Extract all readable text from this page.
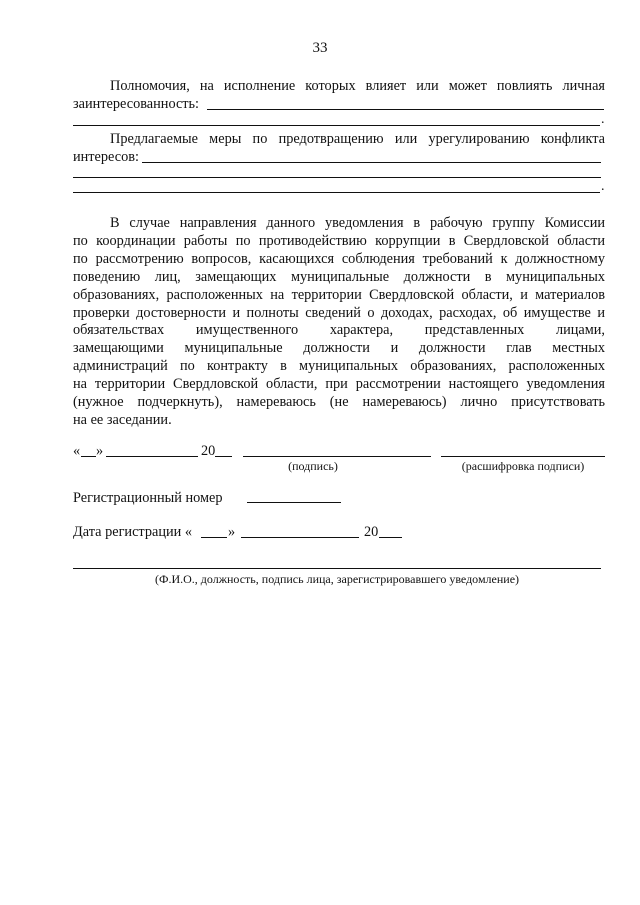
33
Полномочия, на исполнение которых влияет или может повлиять личная
заинтересованность:
.
Предлагаемые меры по предотвращению или урегулированию конфликта
интересов:
.
В случае направления данного уведомления в рабочую группу Комиссии
по координации работы по противодействию коррупции в Свердловской области
по рассмотрению вопросов, касающихся соблюдения требований к должностному
поведению лиц, замещающих муниципальные должности в муниципальных
образованиях, расположенных на территории Свердловской области, и материалов
проверки достоверности и полноты сведений о доходах, расходах, об имуществе и
обязательствах имущественного характера, представленных лицами,
замещающими муниципальные должности и должности глав местных
администраций по контракту в муниципальных образованиях, расположенных
на территории Свердловской области, при рассмотрении настоящего уведомления
(нужное подчеркнуть), намереваюсь (не намереваюсь) лично присутствовать
на ее заседании.
« »	20
(подпись)	(расшифровка подписи)
Регистрационный номер
Дата регистрации «	»	20
(Ф.И.О., должность, подпись лица, зарегистрировавшего уведомление)
